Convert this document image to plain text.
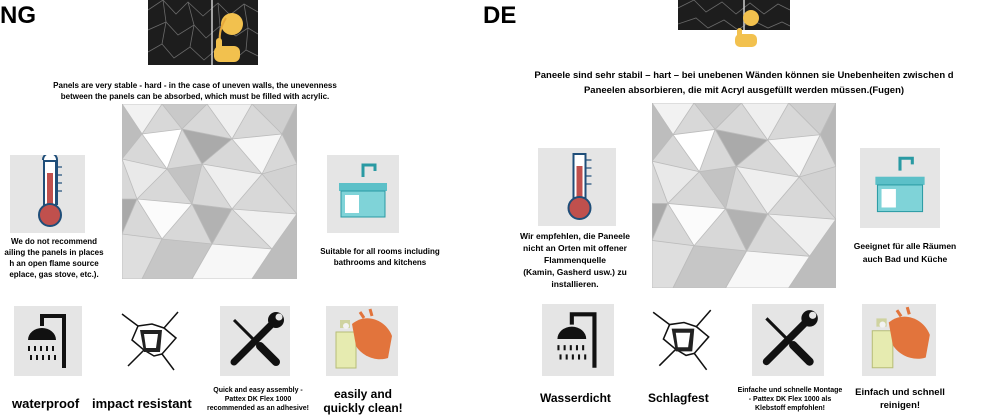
NG
Panels are very stable - hard - in the case of uneven walls, the unevenness
between the panels can be absorbed, which must be filled with acrylic.
We do not recommend
ailing the panels in places
h an open flame source
eplace, gas stove, etc.).
Suitable for all rooms including
bathrooms and kitchens
waterproof impact resistant
Quick and easy assembly -
Pattex DK Flex 1000
recommended as an adhesive!
easily and
quickly clean!
DE
Paneele sind sehr stabil – hart – bei unebenen Wänden können sie Unebenheiten zwischen d
Paneelen absorbieren, die mit Acryl ausgefüllt werden müssen.(Fugen)
Wir empfehlen, die Paneele
nicht an Orten mit offener
Flammenquelle
(Kamin, Gasherd usw.) zu
installieren.
Geeignet für alle Räumen
auch Bad und Küche
Wasserdicht	Schlagfest
Einfache und schnelle Montage
- Pattex DK Flex 1000 als
Klebstoff empfohlen!
Einfach und schnell
reinigen!
